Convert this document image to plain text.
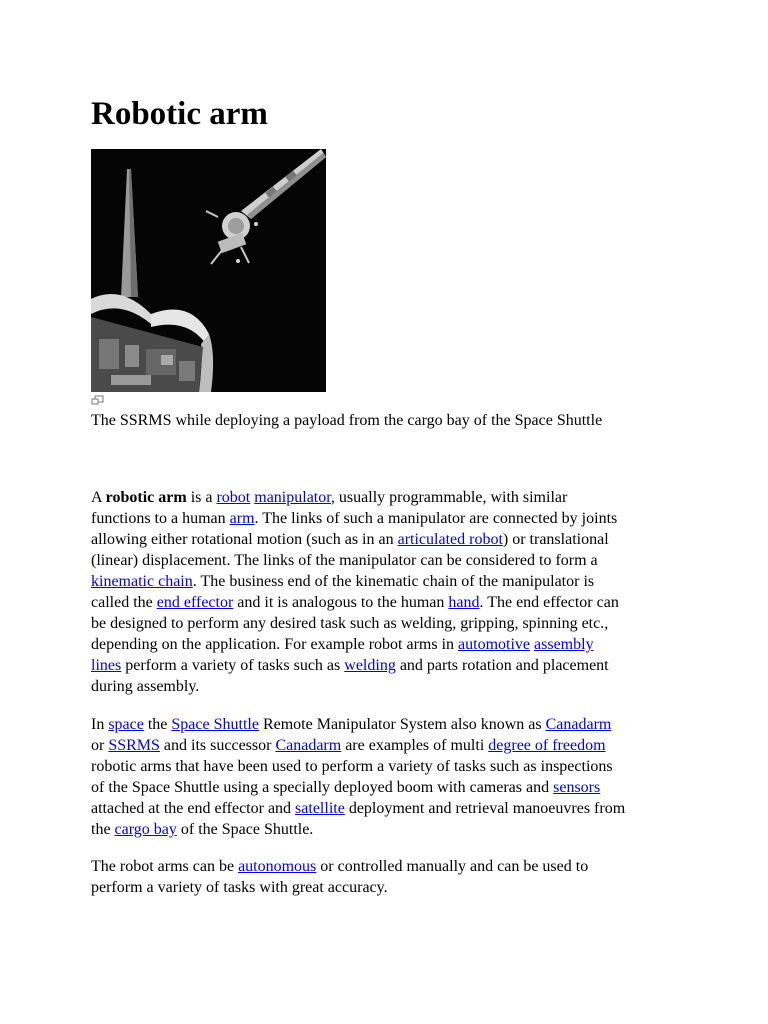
Robotic arm

The SSRMS while deploying a payload from the cargo bay of the Space Shuttle

A robotic arm is a robot manipulator, usually programmable, with similar
functions to a human arm. The links of such a manipulator are connected by joints
allowing either rotational motion (such as in an articulated robot) or translational
(linear) displacement. The links of the manipulator can be considered to form a
kinematic chain. The business end of the kinematic chain of the manipulator is
called the end effector and it is analogous to the human hand. The end effector can
be designed to perform any desired task such as welding, gripping, spinning etc.,
depending on the application. For example robot arms in automotive assembly
lines perform a variety of tasks such as welding and parts rotation and placement
during assembly.
In space the Space Shuttle Remote Manipulator System also known as Canadarm
or SSRMS and its successor Canadarm are examples of multi degree of freedom
robotic arms that have been used to perform a variety of tasks such as inspections
of the Space Shuttle using a specially deployed boom with cameras and sensors
attached at the end effector and satellite deployment and retrieval manoeuvres from
the cargo bay of the Space Shuttle.
The robot arms can be autonomous or controlled manually and can be used to
perform a variety of tasks with great accuracy.
